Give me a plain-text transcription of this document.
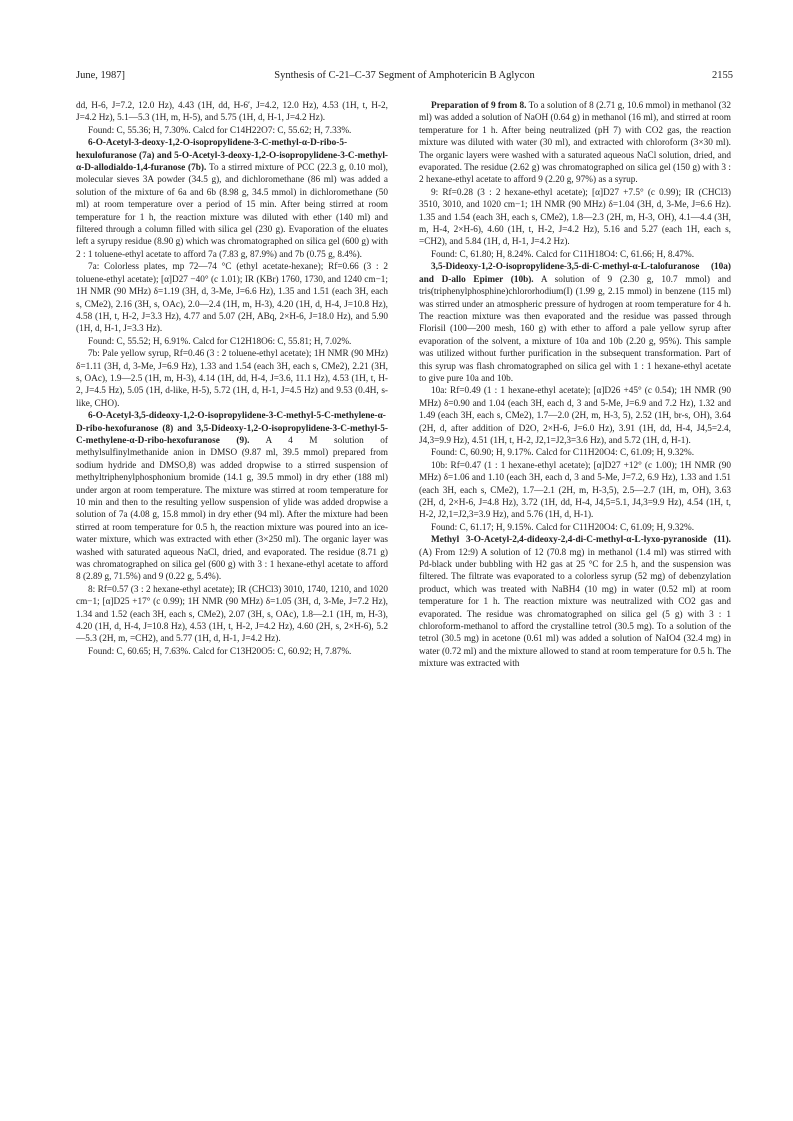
June, 1987]	Synthesis of C-21–C-37 Segment of Amphotericin B Aglycon	2155

dd, H-6, J=7.2, 12.0 Hz), 4.43 (1H, dd, H-6′, J=4.2, 12.0 Hz), 4.53 (1H, t, H-2, J=4.2 Hz), 5.1—5.3 (1H, m, H-5), and 5.75 (1H, d, H-1, J=4.2 Hz).

Found: C, 55.36; H, 7.30%. Calcd for C14H22O7: C, 55.62; H, 7.33%.

6-O-Acetyl-3-deoxy-1,2-O-isopropylidene-3-C-methyl-α-D-ribo-5-hexulofuranose (7a) and 5-O-Acetyl-3-deoxy-1,2-O-isopropylidene-3-C-methyl-α-D-allodialdo-1,4-furanose (7b). To a stirred mixture of PCC (22.3 g, 0.10 mol), molecular sieves 3A powder (34.5 g), and dichloromethane (86 ml) was added a solution of the mixture of 6a and 6b (8.98 g, 34.5 mmol) in dichloromethane (50 ml) at room temperature over a period of 15 min. After being stirred at room temperature for 1 h, the reaction mixture was diluted with ether (140 ml) and filtered through a column filled with silica gel (230 g). Evaporation of the eluates left a syrupy residue (8.90 g) which was chromatographed on silica gel (600 g) with 2 : 1 toluene-ethyl acetate to afford 7a (7.83 g, 87.9%) and 7b (0.75 g, 8.4%).

7a: Colorless plates, mp 72—74 °C (ethyl acetate-hexane); Rf=0.66 (3 : 2 toluene-ethyl acetate); [α]D27 −40° (c 1.01); IR (KBr) 1760, 1730, and 1240 cm−1; 1H NMR (90 MHz) δ=1.19 (3H, d, 3-Me, J=6.6 Hz), 1.35 and 1.51 (each 3H, each s, CMe2), 2.16 (3H, s, OAc), 2.0—2.4 (1H, m, H-3), 4.20 (1H, d, H-4, J=10.8 Hz), 4.58 (1H, t, H-2, J=3.3 Hz), 4.77 and 5.07 (2H, ABq, 2×H-6, J=18.0 Hz), and 5.90 (1H, d, H-1, J=3.3 Hz).

Found: C, 55.52; H, 6.91%. Calcd for C12H18O6: C, 55.81; H, 7.02%.

7b: Pale yellow syrup, Rf=0.46 (3 : 2 toluene-ethyl acetate); 1H NMR (90 MHz) δ=1.11 (3H, d, 3-Me, J=6.9 Hz), 1.33 and 1.54 (each 3H, each s, CMe2), 2.21 (3H, s, OAc), 1.9—2.5 (1H, m, H-3), 4.14 (1H, dd, H-4, J=3.6, 11.1 Hz), 4.53 (1H, t, H-2, J=4.5 Hz), 5.05 (1H, d-like, H-5), 5.72 (1H, d, H-1, J=4.5 Hz) and 9.53 (0.4H, s-like, CHO).

6-O-Acetyl-3,5-dideoxy-1,2-O-isopropylidene-3-C-methyl-5-C-methylene-α-D-ribo-hexofuranose (8) and 3,5-Dideoxy-1,2-O-isopropylidene-3-C-methyl-5-C-methylene-α-D-ribo-hexofuranose (9). A 4 M solution of methylsulfinylmethanide anion in DMSO (9.87 ml, 39.5 mmol) prepared from sodium hydride and DMSO,8) was added dropwise to a stirred suspension of methyltriphenylphosphonium bromide (14.1 g, 39.5 mmol) in dry ether (188 ml) under argon at room temperature. The mixture was stirred at room temperature for 10 min and then to the resulting yellow suspension of ylide was added dropwise a solution of 7a (4.08 g, 15.8 mmol) in dry ether (94 ml). After the mixture had been stirred at room temperature for 0.5 h, the reaction mixture was poured into an ice-water mixture, which was extracted with ether (3×250 ml). The organic layer was washed with saturated aqueous NaCl, dried, and evaporated. The residue (8.71 g) was chromatographed on silica gel (600 g) with 3 : 1 hexane-ethyl acetate to afford 8 (2.89 g, 71.5%) and 9 (0.22 g, 5.4%).

8: Rf=0.57 (3 : 2 hexane-ethyl acetate); IR (CHCl3) 3010, 1740, 1210, and 1020 cm−1; [α]D25 +17° (c 0.99); 1H NMR (90 MHz) δ=1.05 (3H, d, 3-Me, J=7.2 Hz), 1.34 and 1.52 (each 3H, each s, CMe2), 2.07 (3H, s, OAc), 1.8—2.1 (1H, m, H-3), 4.20 (1H, d, H-4, J=10.8 Hz), 4.53 (1H, t, H-2, J=4.2 Hz), 4.60 (2H, s, 2×H-6), 5.2—5.3 (2H, m, =CH2), and 5.77 (1H, d, H-1, J=4.2 Hz).

Found: C, 60.65; H, 7.63%. Calcd for C13H20O5: C, 60.92; H, 7.87%.

Preparation of 9 from 8. To a solution of 8 (2.71 g, 10.6 mmol) in methanol (32 ml) was added a solution of NaOH (0.64 g) in methanol (16 ml), and stirred at room temperature for 1 h. After being neutralized (pH 7) with CO2 gas, the reaction mixture was diluted with water (30 ml), and extracted with chloroform (3×30 ml). The organic layers were washed with a saturated aqueous NaCl solution, dried, and evaporated. The residue (2.62 g) was chromatographed on silica gel (150 g) with 3 : 2 hexane-ethyl acetate to afford 9 (2.20 g, 97%) as a syrup.

9: Rf=0.28 (3 : 2 hexane-ethyl acetate); [α]D27 +7.5° (c 0.99); IR (CHCl3) 3510, 3010, and 1020 cm−1; 1H NMR (90 MHz) δ=1.04 (3H, d, 3-Me, J=6.6 Hz). 1.35 and 1.54 (each 3H, each s, CMe2), 1.8—2.3 (2H, m, H-3, OH), 4.1—4.4 (3H, m, H-4, 2×H-6), 4.60 (1H, t, H-2, J=4.2 Hz), 5.16 and 5.27 (each 1H, each s, =CH2), and 5.84 (1H, d, H-1, J=4.2 Hz).

Found: C, 61.80; H, 8.24%. Calcd for C11H18O4: C, 61.66; H, 8.47%.

3,5-Dideoxy-1,2-O-isopropylidene-3,5-di-C-methyl-α-L-talofuranose (10a) and D-allo Epimer (10b). A solution of 9 (2.30 g, 10.7 mmol) and tris(triphenylphosphine)chlororhodium(I) (1.99 g, 2.15 mmol) in benzene (115 ml) was stirred under an atmospheric pressure of hydrogen at room temperature for 4 h. The reaction mixture was then evaporated and the residue was passed through Florisil (100—200 mesh, 160 g) with ether to afford a pale yellow syrup after evaporation of the solvent, a mixture of 10a and 10b (2.20 g, 95%). This sample was utilized without further purification in the subsequent transformation. Part of this syrup was flash chromatographed on silica gel with 1 : 1 hexane-ethyl acetate to give pure 10a and 10b.

10a: Rf=0.49 (1 : 1 hexane-ethyl acetate); [α]D26 +45° (c 0.54); 1H NMR (90 MHz) δ=0.90 and 1.04 (each 3H, each d, 3 and 5-Me, J=6.9 and 7.2 Hz), 1.32 and 1.49 (each 3H, each s, CMe2), 1.7—2.0 (2H, m, H-3, 5), 2.52 (1H, br-s, OH), 3.64 (2H, d, after addition of D2O, 2×H-6, J=6.0 Hz), 3.91 (1H, dd, H-4, J4,5=2.4, J4,3=9.9 Hz), 4.51 (1H, t, H-2, J2,1=J2,3=3.6 Hz), and 5.72 (1H, d, H-1).

Found: C, 60.90; H, 9.17%. Calcd for C11H20O4: C, 61.09; H, 9.32%.

10b: Rf=0.47 (1 : 1 hexane-ethyl acetate); [α]D27 +12° (c 1.00); 1H NMR (90 MHz) δ=1.06 and 1.10 (each 3H, each d, 3 and 5-Me, J=7.2, 6.9 Hz), 1.33 and 1.51 (each 3H, each s, CMe2), 1.7—2.1 (2H, m, H-3,5), 2.5—2.7 (1H, m, OH), 3.63 (2H, d, 2×H-6, J=4.8 Hz), 3.72 (1H, dd, H-4, J4,5=5.1, J4,3=9.9 Hz), 4.54 (1H, t, H-2, J2,1=J2,3=3.9 Hz), and 5.76 (1H, d, H-1).

Found: C, 61.17; H, 9.15%. Calcd for C11H20O4: C, 61.09; H, 9.32%.

Methyl 3-O-Acetyl-2,4-dideoxy-2,4-di-C-methyl-α-L-lyxo-pyranoside (11). (A) From 12:9) A solution of 12 (70.8 mg) in methanol (1.4 ml) was stirred with Pd-black under bubbling with H2 gas at 25 °C for 2.5 h, and the suspension was filtered. The filtrate was evaporated to a colorless syrup (52 mg) of debenzylation product, which was treated with NaBH4 (10 mg) in water (0.52 ml) at room temperature for 1 h. The reaction mixture was neutralized with CO2 gas and evaporated. The residue was chromatographed on silica gel (5 g) with 3 : 1 chloroform-methanol to afford the crystalline tetrol (30.5 mg). To a solution of the tetrol (30.5 mg) in acetone (0.61 ml) was added a solution of NaIO4 (32.4 mg) in water (0.72 ml) and the mixture allowed to stand at room temperature for 0.5 h. The mixture was extracted with
